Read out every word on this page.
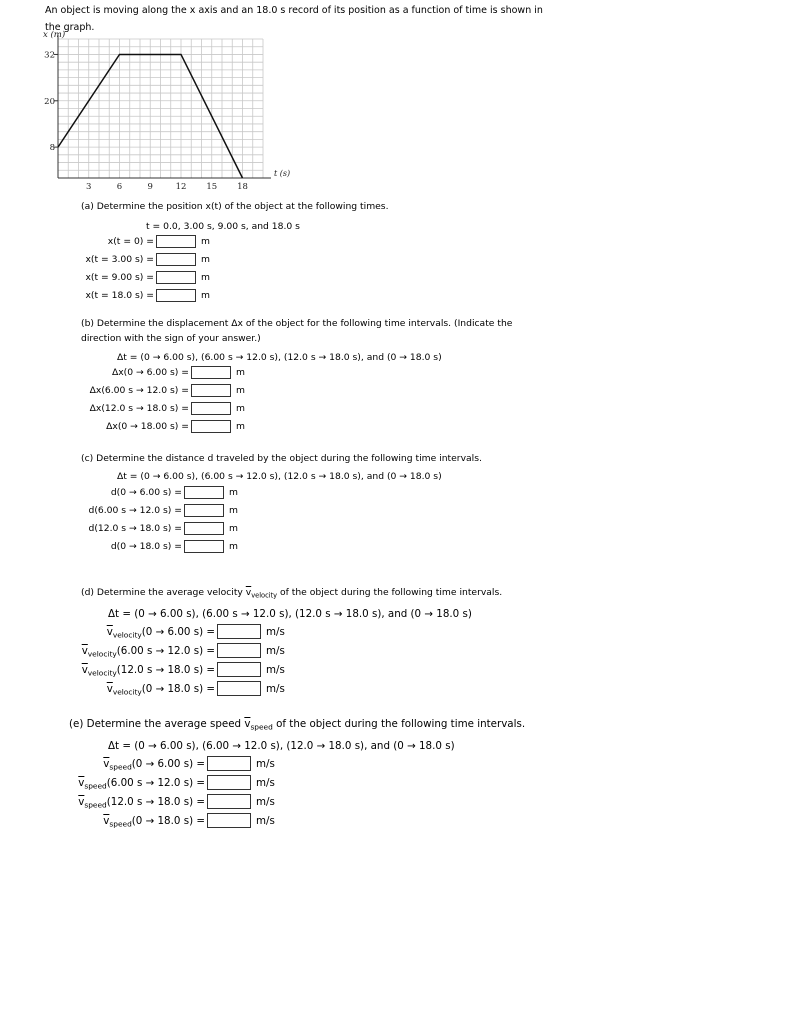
An object is moving along the x axis and an 18.0 s record of its position as a function of time is shown in
the graph.
32
20
8
3	6	9	12 15 18
x (m)
t (s)
(a) Determine the position x(t) of the object at the following times.
t = 0.0, 3.00 s, 9.00 s, and 18.0 s
x(t = 0) =	m
x(t = 3.00 s) =	m
x(t = 9.00 s) =	m
x(t = 18.0 s) =	m
(b) Determine the displacement Δx of the object for the following time intervals. (Indicate the
direction with the sign of your answer.)
Δt = (0 → 6.00 s), (6.00 s → 12.0 s), (12.0 s → 18.0 s), and (0 → 18.0 s)
Δx(0 → 6.00 s) =	m
Δx(6.00 s → 12.0 s) =	m
Δx(12.0 s → 18.0 s) =	m
Δx(0 → 18.00 s) =	m
(c) Determine the distance d traveled by the object during the following time intervals.
Δt = (0 → 6.00 s), (6.00 s → 12.0 s), (12.0 s → 18.0 s), and (0 → 18.0 s)
d(0 → 6.00 s) =	m
d(6.00 s → 12.0 s) =	m
d(12.0 s → 18.0 s) =	m
d(0 → 18.0 s) =	m
(d) Determine the average velocity $\overline{v}_{velocity}$ of the object during the following time intervals.
Δt = (0 → 6.00 s), (6.00 s → 12.0 s), (12.0 s → 18.0 s), and (0 → 18.0 s)
$\overline{v}_{velocity}(0 \to 6.00$ s) =	m/s
$\overline{v}_{velocity}(6.00$ s → 12.0 s) =	m/s
$\overline{v}_{velocity}(12.0$ s → 18.0 s) =	m/s
$\overline{v}_{velocity}(0 \to 18.0$ s) =	m/s
(e) Determine the average speed $\overline{v}_{speed}$ of the object during the following time intervals.
Δt = (0 → 6.00 s), (6.00 → 12.0 s), (12.0 → 18.0 s), and (0 → 18.0 s)
$\overline{v}_{speed}(0 \to 6.00$ s) =	m/s
$\overline{v}_{speed}(6.00$ s → 12.0 s) =	m/s
$\overline{v}_{speed}(12.0$ s → 18.0 s) =	m/s
$\overline{v}_{speed}(0 \to 18.0$ s) =	m/s
